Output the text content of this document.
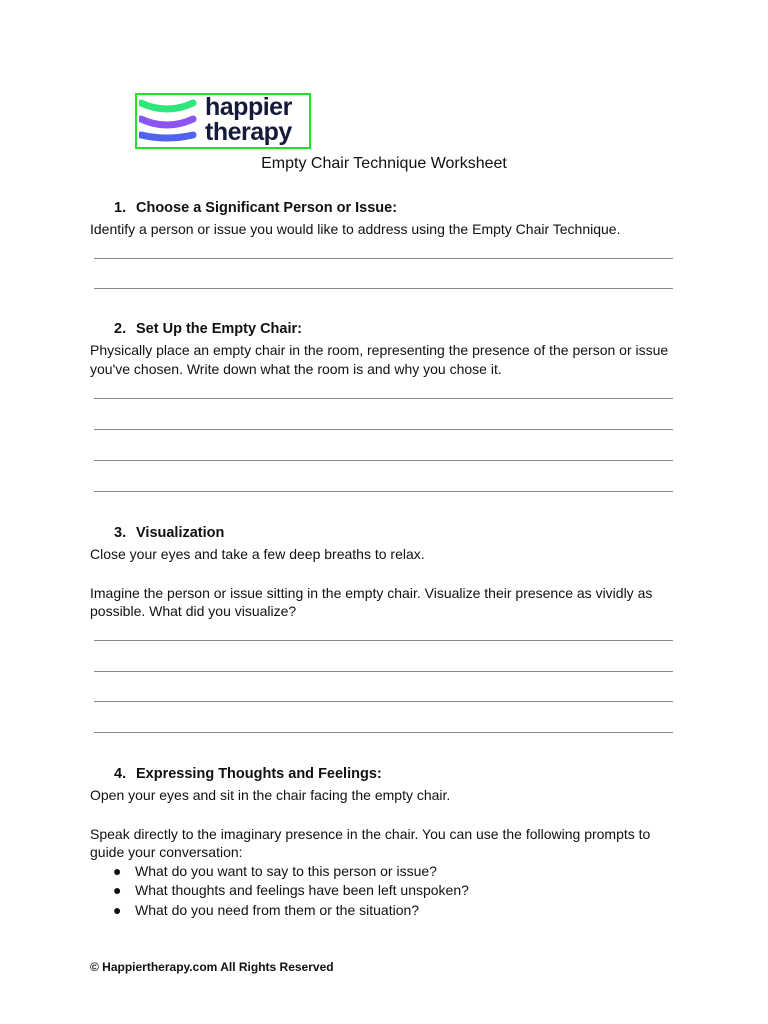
happier
therapy
Empty Chair Technique Worksheet
1. Choose a Significant Person or Issue:

Identify a person or issue you would like to address using the Empty Chair Technique.

2. Set Up the Empty Chair:

Physically place an empty chair in the room, representing the presence of the person or issue you've chosen. Write down what the room is and why you chose it.

3. Visualization

Close your eyes and take a few deep breaths to relax.

Imagine the person or issue sitting in the empty chair. Visualize their presence as vividly as possible. What did you visualize?

4. Expressing Thoughts and Feelings:

Open your eyes and sit in the chair facing the empty chair.

Speak directly to the imaginary presence in the chair. You can use the following prompts to guide your conversation:

● What do you want to say to this person or issue?
● What thoughts and feelings have been left unspoken?
● What do you need from them or the situation?
© Happiertherapy.com All Rights Reserved
